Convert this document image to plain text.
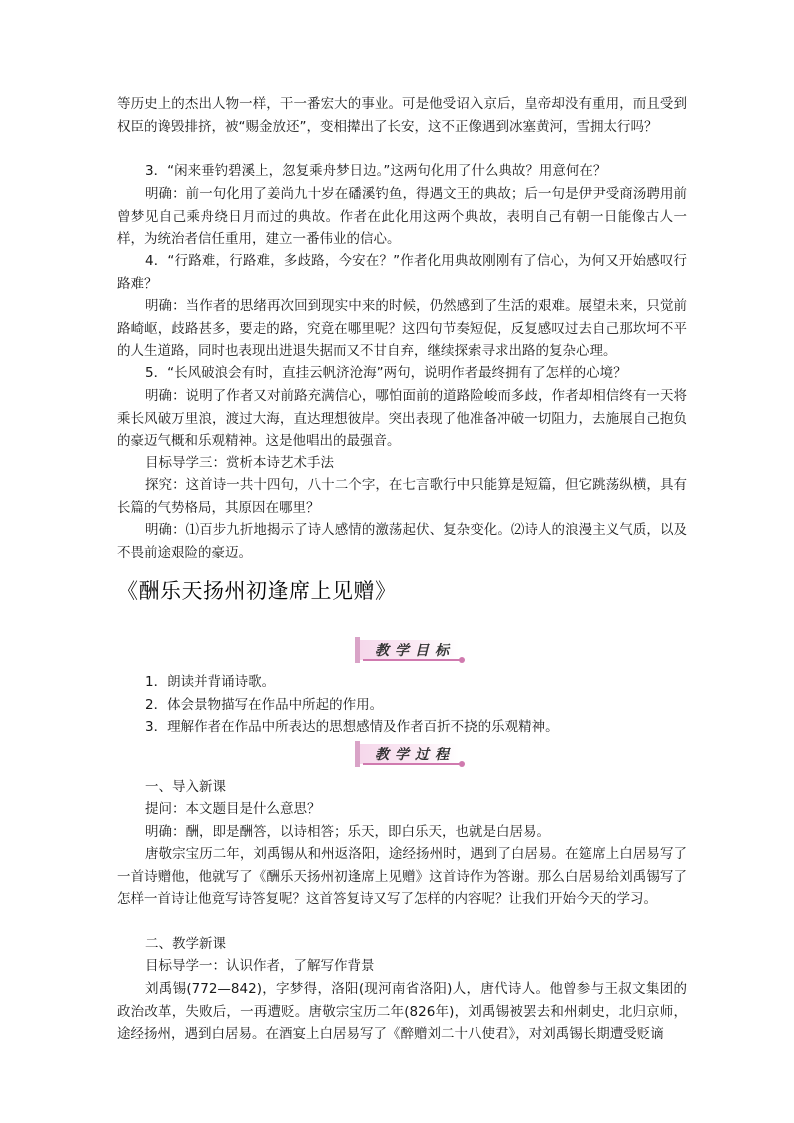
等历史上的杰出人物一样，干一番宏大的事业。可是他受诏入京后，皇帝却没有重用，而且受到权臣的谗毁排挤，被“赐金放还”，变相撵出了长安，这不正像遇到冰塞黄河，雪拥太行吗？
3．“闲来垂钓碧溪上，忽复乘舟梦日边。”这两句化用了什么典故？用意何在？
明确：前一句化用了姜尚九十岁在磻溪钓鱼，得遇文王的典故；后一句是伊尹受商汤聘用前曾梦见自己乘舟绕日月而过的典故。作者在此化用这两个典故，表明自己有朝一日能像古人一样，为统治者信任重用，建立一番伟业的信心。
4．“行路难，行路难，多歧路，今安在？”作者化用典故刚刚有了信心，为何又开始感叹行路难？
明确：当作者的思绪再次回到现实中来的时候，仍然感到了生活的艰难。展望未来，只觉前路崎岖，歧路甚多，要走的路，究竟在哪里呢？这四句节奏短促，反复感叹过去自己那坎坷不平的人生道路，同时也表现出进退失据而又不甘自弃，继续探索寻求出路的复杂心理。
5．“长风破浪会有时，直挂云帆济沧海”两句，说明作者最终拥有了怎样的心境？
明确：说明了作者又对前路充满信心，哪怕面前的道路险峻而多歧，作者却相信终有一天将乘长风破万里浪，渡过大海，直达理想彼岸。突出表现了他准备冲破一切阻力，去施展自己抱负的豪迈气概和乐观精神。这是他唱出的最强音。
目标导学三：赏析本诗艺术手法
探究：这首诗一共十四句，八十二个字，在七言歌行中只能算是短篇，但它跳荡纵横，具有长篇的气势格局，其原因在哪里？
明确：⑴百步九折地揭示了诗人感情的激荡起伏、复杂变化。⑵诗人的浪漫主义气质，以及不畏前途艰险的豪迈。
《酬乐天扬州初逢席上见赠》
教学目标
1．朗读并背诵诗歌。
2．体会景物描写在作品中所起的作用。
3．理解作者在作品中所表达的思想感情及作者百折不挠的乐观精神。
教学过程
一、导入新课
提问：本文题目是什么意思？
明确：酬，即是酬答，以诗相答；乐天，即白乐天，也就是白居易。
唐敬宗宝历二年，刘禹锡从和州返洛阳，途经扬州时，遇到了白居易。在筵席上白居易写了一首诗赠他，他就写了《酬乐天扬州初逢席上见赠》这首诗作为答谢。那么白居易给刘禹锡写了怎样一首诗让他竟写诗答复呢？这首答复诗又写了怎样的内容呢？让我们开始今天的学习。
二、教学新课
目标导学一：认识作者，了解写作背景
刘禹锡(772—842)，字梦得，洛阳(现河南省洛阳)人，唐代诗人。他曾参与王叔文集团的政治改革，失败后，一再遭贬。唐敬宗宝历二年(826年)，刘禹锡被罢去和州刺史，北归京师，途经扬州，遇到白居易。在酒宴上白居易写了《醉赠刘二十八使君》，对刘禹锡长期遭受贬谪
